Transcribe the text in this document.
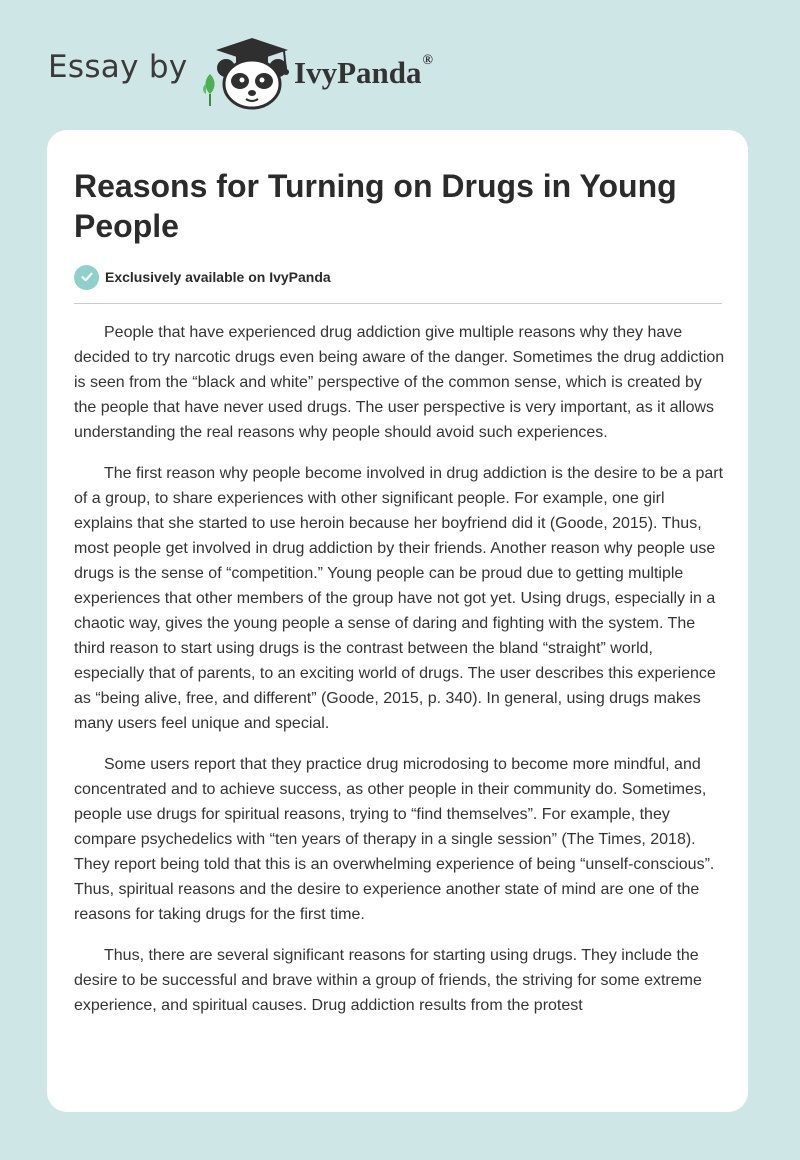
Essay by	IvyPanda®
Reasons for Turning on Drugs in Young People
Exclusively available on IvyPanda

People that have experienced drug addiction give multiple reasons why they have decided to try narcotic drugs even being aware of the danger. Sometimes the drug addiction is seen from the “black and white” perspective of the common sense, which is created by the people that have never used drugs. The user perspective is very important, as it allows understanding the real reasons why people should avoid such experiences.

The first reason why people become involved in drug addiction is the desire to be a part of a group, to share experiences with other significant people. For example, one girl explains that she started to use heroin because her boyfriend did it (Goode, 2015). Thus, most people get involved in drug addiction by their friends. Another reason why people use drugs is the sense of “competition.” Young people can be proud due to getting multiple experiences that other members of the group have not got yet. Using drugs, especially in a chaotic way, gives the young people a sense of daring and fighting with the system. The third reason to start using drugs is the contrast between the bland “straight” world, especially that of parents, to an exciting world of drugs. The user describes this experience as “being alive, free, and different” (Goode, 2015, p. 340). In general, using drugs makes many users feel unique and special.

Some users report that they practice drug microdosing to become more mindful, and concentrated and to achieve success, as other people in their community do. Sometimes, people use drugs for spiritual reasons, trying to “find themselves”. For example, they compare psychedelics with “ten years of therapy in a single session” (The Times, 2018). They report being told that this is an overwhelming experience of being “unself-conscious”. Thus, spiritual reasons and the desire to experience another state of mind are one of the reasons for taking drugs for the first time.

Thus, there are several significant reasons for starting using drugs. They include the desire to be successful and brave within a group of friends, the striving for some extreme experience, and spiritual causes. Drug addiction results from the protest
